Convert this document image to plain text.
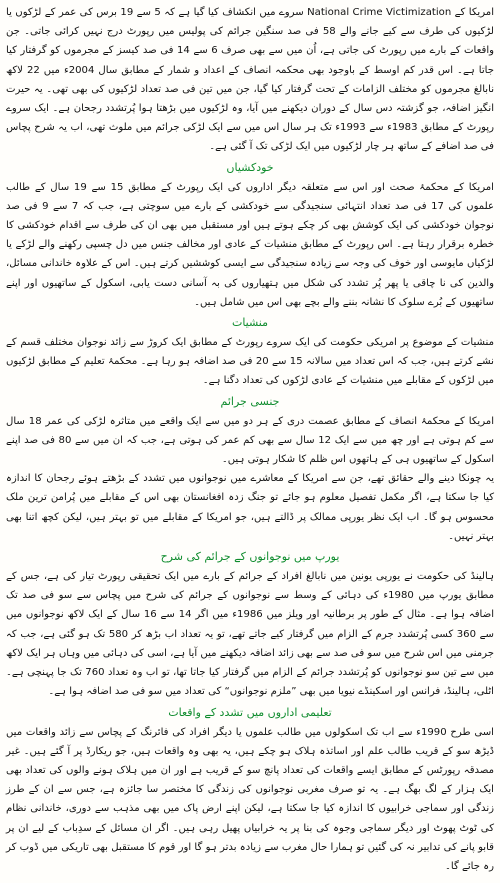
امریکا کے National Crime Victimization سروے میں انکشاف کیا گیا ہے کہ 5 سے 19 برس کی عمر کے لڑکوں یا لڑکیوں کی طرف سے کیے جانے والے 58 فی صد سنگین جرائم کی پولیس میں رپورٹ درج نہیں کرائی جاتی۔ جن واقعات کے بارے میں رپورٹ کی جاتی ہے، اُن میں سے بھی صرف 6 سے 14 فی صد کیسز کے مجرموں کو گرفتار کیا جاتا ہے۔ اس قدر کم اوسط کے باوجود بھی محکمہ انصاف کے اعداد و شمار کے مطابق سال 2004ء میں 22 لاکھ نابالغ مجرموں کو مختلف الزامات کے تحت گرفتار کیا گیا، جن میں تین فی صد تعداد لڑکیوں کی بھی تھی۔ یہ حیرت انگیز اضافہ، جو گزشتہ دس سال کے دوران دیکھنے میں آیا، وہ لڑکیوں میں بڑھتا ہوا پُرتشدد رجحان ہے۔ ایک سروے رپورٹ کے مطابق 1983ء سے 1993ء تک ہر سال اس میں سے ایک لڑکی جرائم میں ملوث تھی، اب یہ شرح پچاس فی صد اضافے کے ساتھ ہر چار لڑکیوں میں ایک لڑکی تک آ گئی ہے۔

خودکشیاں

امریکا کے محکمۂ صحت اور اس سے متعلقہ دیگر اداروں کی ایک رپورٹ کے مطابق 15 سے 19 سال کے طالب علموں کی 17 فی صد تعداد انتہائی سنجیدگی سے خودکشی کے بارے میں سوچتی ہے، جب کہ 7 سے 9 فی صد نوجوان خودکشی کی ایک کوشش بھی کر چکے ہوتے ہیں اور مستقبل میں بھی ان کی طرف سے اقدام خودکشی کا خطرہ برقرار رہتا ہے۔ اس رپورٹ کے مطابق منشیات کے عادی اور مخالف جنس میں دل چسپی رکھنے والے لڑکے یا لڑکیاں مایوسی اور خوف کی وجہ سے زیادہ سنجیدگی سے ایسی کوششیں کرتے ہیں۔ اس کے علاوہ خاندانی مسائل، والدین کی نا چاقی یا پھر پُر تشدد کی شکل میں ہتھیاروں کی بہ آسانی دست یابی، اسکول کے ساتھیوں اور اپنے ساتھیوں کے بُرے سلوک کا نشانہ بننے والے بچے بھی اس میں شامل ہیں۔

منشیات

منشیات کے موضوع پر امریکی حکومت کی ایک سروے رپورٹ کے مطابق ایک کروڑ سے زائد نوجوان مختلف قسم کے نشے کرتے ہیں، جب کہ اس تعداد میں سالانہ 15 سے 20 فی صد اضافہ ہو رہا ہے۔ محکمۂ تعلیم کے مطابق لڑکیوں میں لڑکوں کے مقابلے میں منشیات کے عادی لڑکوں کی تعداد دگنا ہے۔

جنسی جرائم

امریکا کے محکمۂ انصاف کے مطابق عصمت دری کے ہر دو میں سے ایک واقعے میں متاثرہ لڑکی کی عمر 18 سال سے کم ہوتی ہے اور چھ میں سے ایک 12 سال سے بھی کم عمر کی ہوتی ہے، جب کہ ان میں سے 80 فی صد اپنے اسکول کے ساتھیوں ہی کے ہاتھوں اس ظلم کا شکار ہوتی ہیں۔

یہ چونکا دینے والے حقائق تھے، جن سے امریکا کے معاشرے میں نوجوانوں میں تشدد کے بڑھتے ہوئے رجحان کا اندازہ کیا جا سکتا ہے، اگر مکمل تفصیل معلوم ہو جائے تو جنگ زدہ افغانستان بھی اس کے مقابلے میں پُرامن ترین ملک محسوس ہو گا۔ اب ایک نظر یورپی ممالک پر ڈالتے ہیں، جو امریکا کے مقابلے میں تو بہتر ہیں، لیکن کچھ اتنا بھی بہتر نہیں۔

یورپ میں نوجوانوں کے جرائم کی شرح

ہالینڈ کی حکومت نے یورپی یونین میں نابالغ افراد کے جرائم کے بارے میں ایک تحقیقی رپورٹ تیار کی ہے، جس کے مطابق یورپ میں 1980ء کی دہائی کے وسط سے نوجوانوں کے جرائم کی شرح میں پچاس سے سو فی صد تک اضافہ ہوا ہے۔ مثال کے طور پر برطانیہ اور ویلز میں 1986ء میں اگر 14 سے 16 سال کے ایک لاکھ نوجوانوں میں سے 360 کسی پُرتشدد جرم کے الزام میں گرفتار کیے جاتے تھے، تو یہ تعداد اب بڑھ کر 580 تک ہو گئی ہے، جب کہ جرمنی میں اس شرح میں سو فی صد سے بھی زائد اضافہ دیکھنے میں آیا ہے، اسی کی دہائی میں وہاں ہر ایک لاکھ میں سے تین سو نوجوانوں کو پُرتشدد جرائم کے الزام میں گرفتار کیا جاتا تھا، تو اب وہ تعداد 760 تک جا پہنچی ہے۔ اٹلی، ہالینڈ، فرانس اور اسکینڈے نیویا میں بھی ”ملزم نوجوانوں“ کی تعداد میں سو فی صد اضافہ ہوا ہے۔

تعلیمی اداروں میں تشدد کے واقعات

اسی طرح 1990ء سے اب تک اسکولوں میں طالب علموں یا دیگر افراد کی فائرنگ کے پچاس سے زائد واقعات میں ڈیڑھ سو کے قریب طالب علم اور اساتذہ ہلاک ہو چکے ہیں، یہ بھی وہ واقعات ہیں، جو ریکارڈ پر آ گئے ہیں۔ غیر مصدقہ رپورٹس کے مطابق ایسے واقعات کی تعداد پانچ سو کے قریب ہے اور ان میں ہلاک ہونے والوں کی تعداد بھی ایک ہزار کے لگ بھگ ہے۔ یہ تو صرف مغربی نوجوانوں کی زندگی کا مختصر سا جائزہ ہے، جس سے ان کے طرز زندگی اور سماجی خرابیوں کا اندازہ کیا جا سکتا ہے، لیکن اپنے ارض پاک میں بھی مذہب سے دوری، خاندانی نظام کی ٹوٹ پھوٹ اور دیگر سماجی وجوہ کی بنا پر یہ خرابیاں پھیل رہی ہیں۔ اگر ان مسائل کے سدِباب کے لیے ان پر قابو پانے کی تدابیر نہ کی گئیں تو ہمارا حال مغرب سے زیادہ بدتر ہو گا اور قوم کا مستقبل بھی تاریکی میں ڈوب کر رہ جائے گا۔
